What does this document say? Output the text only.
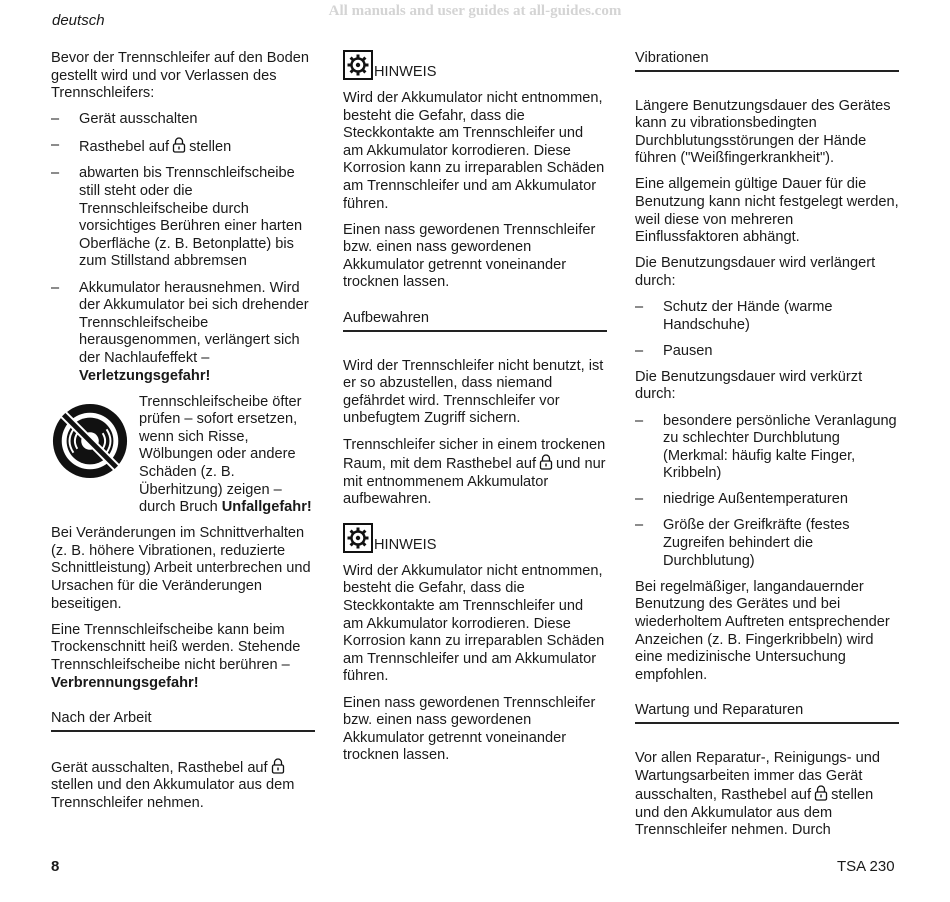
All manuals and user guides at all-guides.com
deutsch

Bevor der Trennschleifer auf den Boden gestellt wird und vor Verlassen des Trennschleifers:

–	Gerät ausschalten
–	Rasthebel auf stellen
–	abwarten bis Trennschleifscheibe still steht oder die Trennschleifscheibe durch vorsichtiges Berühren einer harten Oberfläche (z. B. Betonplatte) bis zum Stillstand abbremsen
–	Akkumulator herausnehmen. Wird der Akkumulator bei sich drehender Trennschleifscheibe herausgenommen, verlängert sich der Nachlaufeffekt – Verletzungsgefahr!
Trennschleifscheibe öfter prüfen – sofort ersetzen, wenn sich Risse, Wölbungen oder andere Schäden (z. B. Überhitzung) zeigen – durch Bruch Unfallgefahr!

Bei Veränderungen im Schnittverhalten (z. B. höhere Vibrationen, reduzierte Schnittleistung) Arbeit unterbrechen und Ursachen für die Veränderungen beseitigen.

Eine Trennschleifscheibe kann beim Trockenschnitt heiß werden. Stehende Trennschleifscheibe nicht berühren – Verbrennungsgefahr!

Nach der Arbeit

Gerät ausschalten, Rasthebel aufstellen und den Akkumulator aus dem Trennschleifer nehmen.

HINWEIS

Wird der Akkumulator nicht entnommen, besteht die Gefahr, dass die Steckkontakte am Trennschleifer und am Akkumulator korrodieren. Diese Korrosion kann zu irreparablen Schäden am Trennschleifer und am Akkumulator führen.

Einen nass gewordenen Trennschleifer bzw. einen nass gewordenen Akkumulator getrennt voneinander trocknen lassen.

Aufbewahren

Wird der Trennschleifer nicht benutzt, ist er so abzustellen, dass niemand gefährdet wird. Trennschleifer vor unbefugtem Zugriff sichern.

Trennschleifer sicher in einem trockenen Raum, mit dem Rasthebel auf und nur mit entnommenem Akkumulator aufbewahren.

HINWEIS

Wird der Akkumulator nicht entnommen, besteht die Gefahr, dass die Steckkontakte am Trennschleifer und am Akkumulator korrodieren. Diese Korrosion kann zu irreparablen Schäden am Trennschleifer und am Akkumulator führen.

Einen nass gewordenen Trennschleifer bzw. einen nass gewordenen Akkumulator getrennt voneinander trocknen lassen.

Vibrationen

Längere Benutzungsdauer des Gerätes kann zu vibrationsbedingten Durchblutungsstörungen der Hände führen ("Weißfingerkrankheit").

Eine allgemein gültige Dauer für die Benutzung kann nicht festgelegt werden, weil diese von mehreren Einflussfaktoren abhängt.

Die Benutzungsdauer wird verlängert durch:

–	Schutz der Hände (warme Handschuhe)
–	Pausen

Die Benutzungsdauer wird verkürzt durch:

–	besondere persönliche Veranlagung zu schlechter Durchblutung (Merkmal: häufig kalte Finger, Kribbeln)
–	niedrige Außentemperaturen
–	Größe der Greifkräfte (festes Zugreifen behindert die Durchblutung)

Bei regelmäßiger, langandauernder Benutzung des Gerätes und bei wiederholtem Auftreten entsprechender Anzeichen (z. B. Fingerkribbeln) wird eine medizinische Untersuchung empfohlen.

Wartung und Reparaturen

Vor allen Reparatur-, Reinigungs- und Wartungsarbeiten immer das Gerät ausschalten, Rasthebel auf stellen und den Akkumulator aus dem Trennschleifer nehmen. Durch

8	TSA 230
